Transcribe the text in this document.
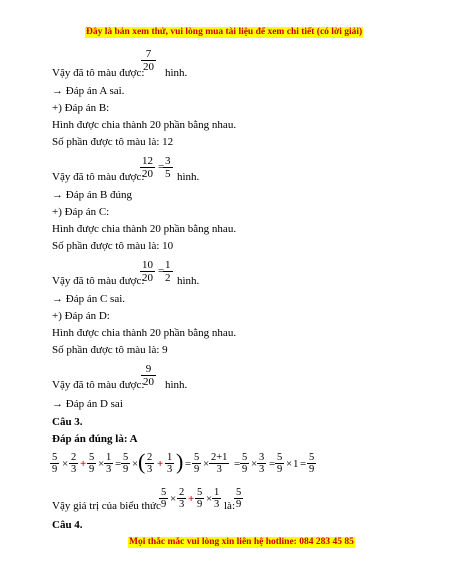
Đây là bản xem thử, vui lòng mua tài liệu để xem chi tiết (có lời giải)
7
20
Vậy đã tô màu được: hình.
→ Đáp án A sai.
+) Đáp án B:
Hình được chia thành 20 phần bằng nhau.
Số phần được tô màu là: 12
12
20
= 3
5
Vậy đã tô màu được:	hình.
→ Đáp án B đúng
+) Đáp án C:
Hình được chia thành 20 phần bằng nhau.
Số phần được tô màu là: 10
10
20
= 1
2
Vậy đã tô màu được:	hình.
→ Đáp án C sai.
+) Đáp án D:
Hình được chia thành 20 phần bằng nhau.
Số phần được tô màu là: 9
9
20
Vậy đã tô màu được: hình.
→ Đáp án D sai
Câu 3.
Đáp án đúng là: A
5
9 ×
2
3 +
5
9 ×
1
3 =
5
9 × ( 2
3 +
1
3 ) =
5
9 ×
2+1
3 =
5
9 ×
3
3 =
5
9 × 1 =
5
9
Vậy giá trị của biểu thức
5
9 ×
2
3 +
5
9 ×
1
3 là:
5
9
Câu 4.
Mọi thắc mắc vui lòng xin liên hệ hotline: 084 283 45 85
